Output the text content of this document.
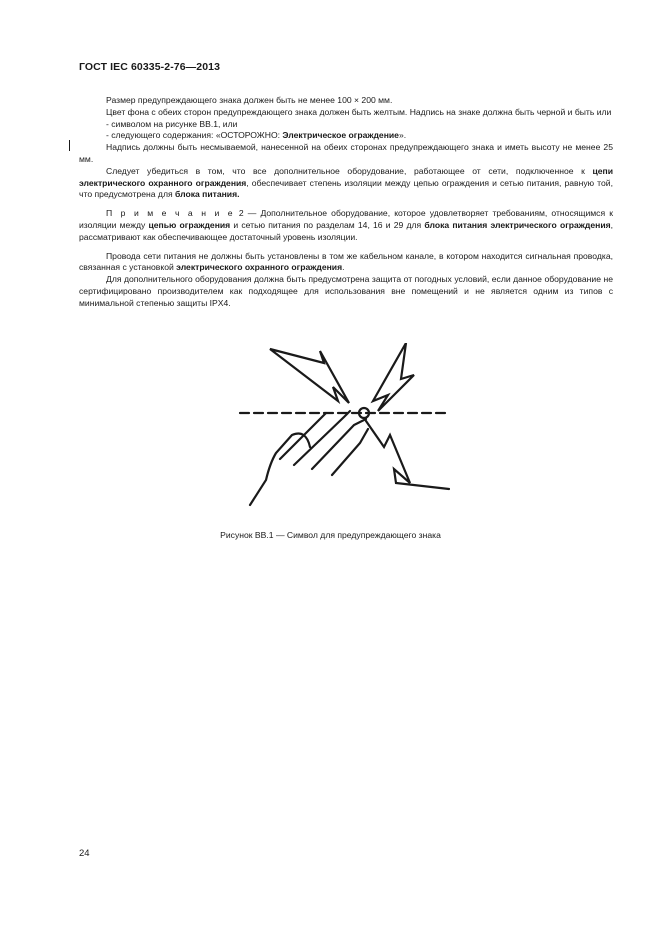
ГОСТ IEC 60335-2-76—2013

Размер предупреждающего знака должен быть не менее 100 × 200 мм.

Цвет фона с обеих сторон предупреждающего знака должен быть желтым. Надпись на знаке должна быть черной и быть или

- символом на рисунке ВВ.1, или

- следующего содержания: «ОСТОРОЖНО: Электрическое ограждение».

Надпись должны быть несмываемой, нанесенной на обеих сторонах предупреждающего знака и иметь высоту не менее 25 мм.

Следует убедиться в том, что все дополнительное оборудование, работающее от сети, подключенное к цепи электрического охранного ограждения, обеспечивает степень изоляции между цепью ограждения и сетью питания, равную той, что предусмотрена для блока питания.

П р и м е ч а н и е 2 — Дополнительное оборудование, которое удовлетворяет требованиям, относящимся к изоляции между цепью ограждения и сетью питания по разделам 14, 16 и 29 для блока питания электрического ограждения, рассматривают как обеспечивающее достаточный уровень изоляции.

Провода сети питания не должны быть установлены в том же кабельном канале, в котором находится сигнальная проводка, связанная с установкой электрического охранного ограждения.

Для дополнительного оборудования должна быть предусмотрена защита от погодных условий, если данное оборудование не сертифицировано производителем как подходящее для использования вне помещений и не является одним из типов с минимальной степенью защиты IPX4.

Рисунок ВВ.1 — Символ для предупреждающего знака
24
